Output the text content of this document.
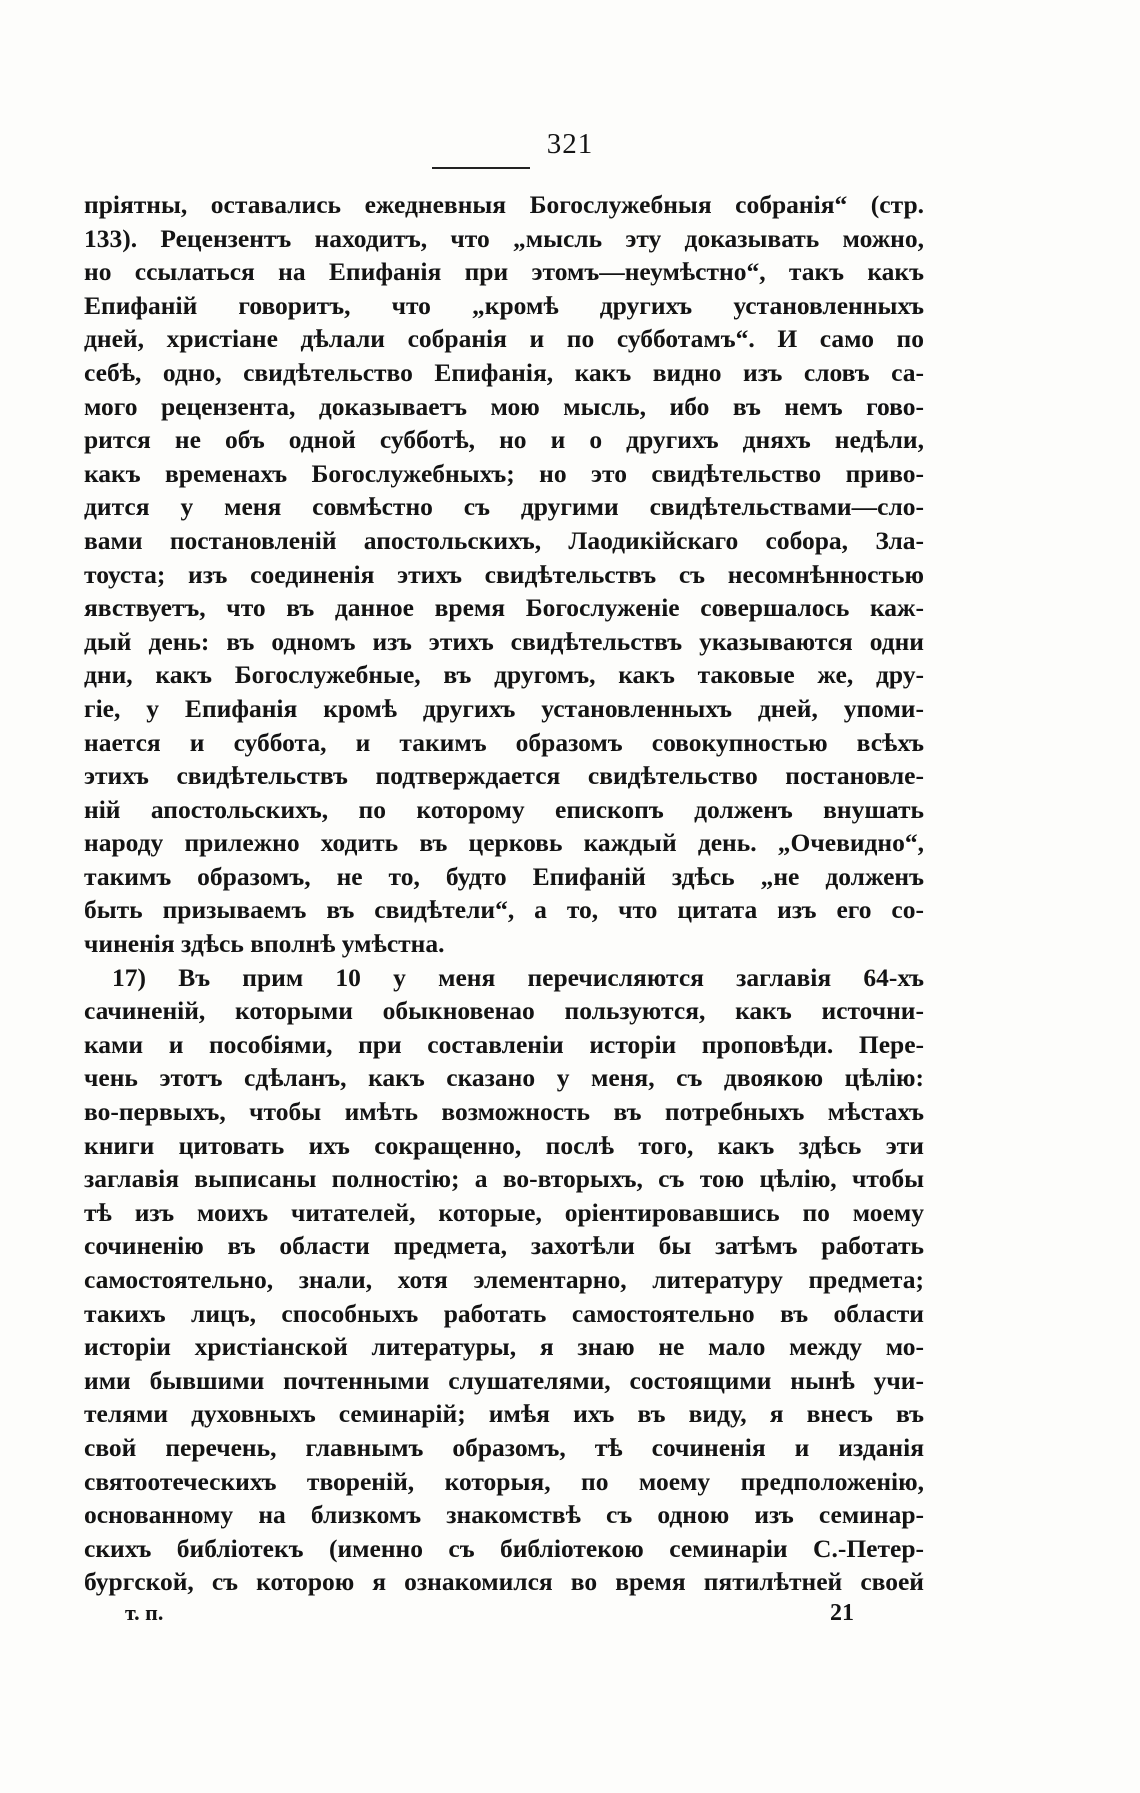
321
прiятны, оставались ежедневныя Богослужебныя собранiя“ (стр.
133). Рецензентъ находитъ, что „мысль эту доказывать можно,
но ссылаться на Епифанiя при этомъ—неумѣстно“, такъ какъ
Епифанiй говоритъ, что „кромѣ другихъ установленныхъ
дней, христiане дѣлали собранiя и по субботамъ“. И само по
себѣ, одно, свидѣтельство Епифанiя, какъ видно изъ словъ са-
мого рецензента, доказываетъ мою мысль, ибо въ немъ гово-
рится не объ одной субботѣ, но и о другихъ дняхъ недѣли,
какъ временахъ Богослужебныхъ; но это свидѣтельство приво-
дится у меня совмѣстно съ другими свидѣтельствами—сло-
вами постановленiй апостольскихъ, Лаодикiйскаго собора, Зла-
тоуста; изъ соединенiя этихъ свидѣтельствъ съ несомнѣнностью
явствуетъ, что въ данное время Богослуженiе совершалось каж-
дый день: въ одномъ изъ этихъ свидѣтельствъ указываются одни
дни, какъ Богослужебные, въ другомъ, какъ таковые же, дру-
гiе, у Епифанiя кромѣ другихъ установленныхъ дней, упоми-
нается и суббота, и такимъ образомъ совокупностью всѣхъ
этихъ свидѣтельствъ подтверждается свидѣтельство постановле-
нiй апостольскихъ, по которому епископъ долженъ внушать
народу прилежно ходить въ церковь каждый день. „Очевидно“,
такимъ образомъ, не то, будто Епифанiй здѣсь „не долженъ
быть призываемъ въ свидѣтели“, а то, что цитата изъ его со-
чиненiя здѣсь вполнѣ умѣстна.
17) Въ прим 10 у меня перечисляются заглавiя 64-хъ
сачиненiй, которыми обыкновенао пользуются, какъ источни-
ками и пособiями, при составленiи исторiи проповѣди. Пере-
чень этотъ сдѣланъ, какъ сказано у меня, съ двоякою цѣлiю:
во-первыхъ, чтобы имѣть возможность въ потребныхъ мѣстахъ
книги цитовать ихъ сокращенно, послѣ того, какъ здѣсь эти
заглавiя выписаны полностiю; а во-вторыхъ, съ тою цѣлiю, чтобы
тѣ изъ моихъ читателей, которые, орiентировавшись по моему
сочиненiю въ области предмета, захотѣли бы затѣмъ работать
самостоятельно, знали, хотя элементарно, литературу предмета;
такихъ лицъ, способныхъ работать самостоятельно въ области
исторiи христiанской литературы, я знаю не мало между мо-
ими бывшими почтенными слушателями, состоящими нынѣ учи-
телями духовныхъ семинарiй; имѣя ихъ въ виду, я внесъ въ
свой перечень, главнымъ образомъ, тѣ сочиненiя и изданiя
святоотеческихъ творенiй, которыя, по моему предположенiю,
основанному на близкомъ знакомствѣ съ одною изъ семинар-
скихъ библiотекъ (именно съ библiотекою семинарiи С.-Петер-
бургской, съ которою я ознакомился во время пятилѣтней своей
т. п.	21
